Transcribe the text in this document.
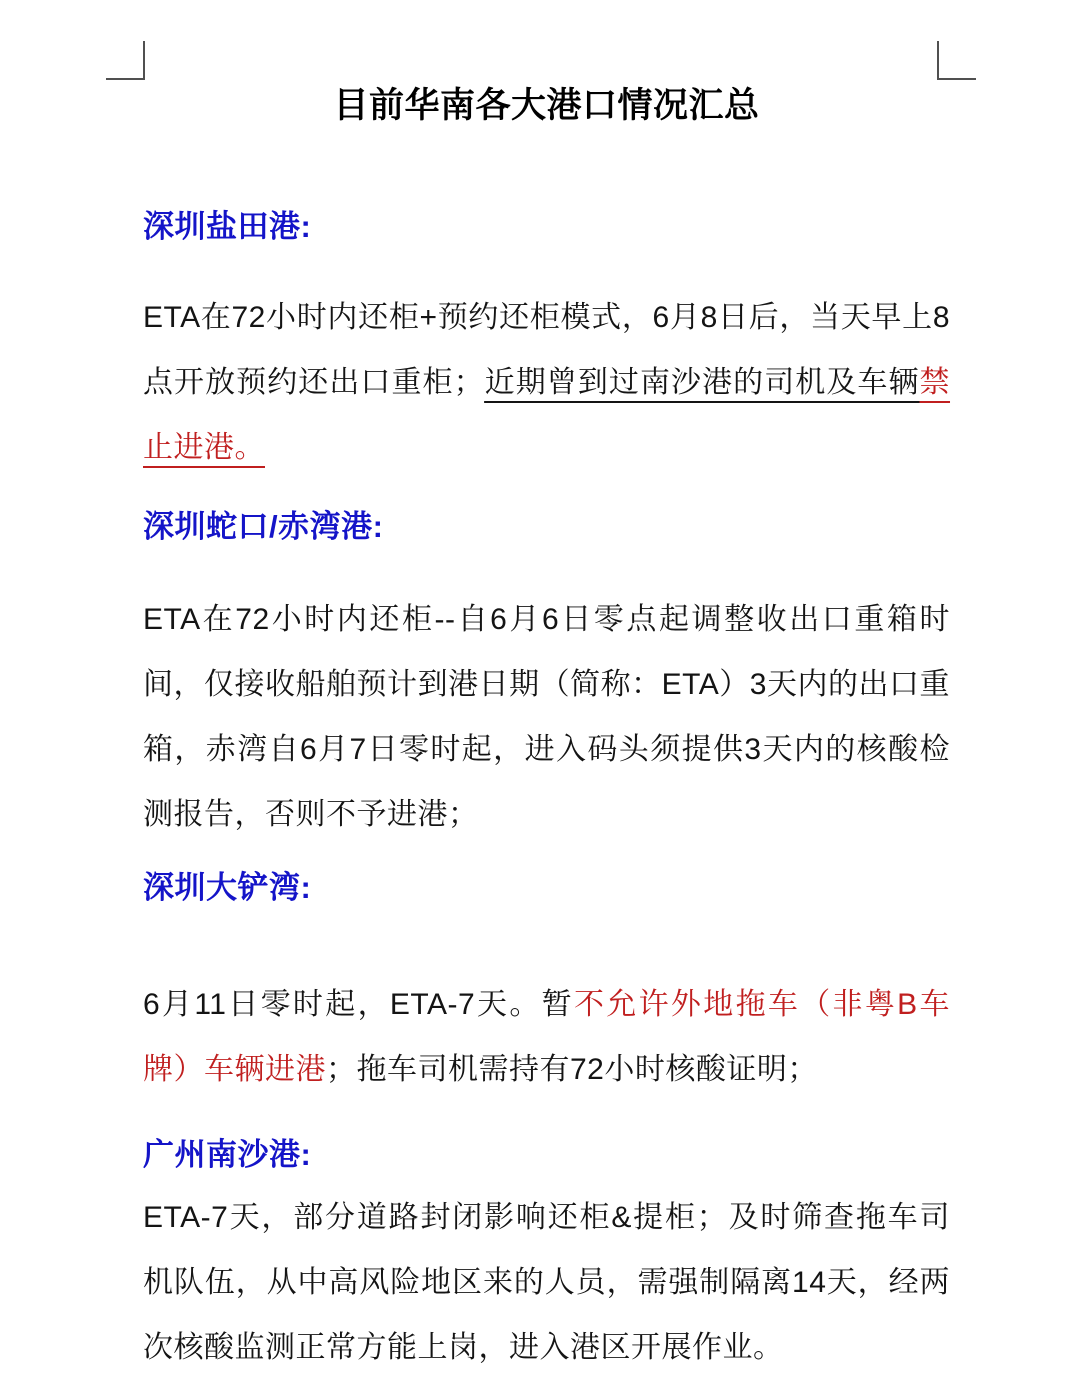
目前华南各大港口情况汇总
深圳盐田港:

ETA在72小时内还柜+预约还柜模式，6月8日后，当天早上8点开放预约还出口重柜；近期曾到过南沙港的司机及车辆禁止进港。

深圳蛇口/赤湾港:

ETA在72小时内还柜--自6月6日零点起调整收出口重箱时间，仅接收船舶预计到港日期（简称：ETA）3天内的出口重箱，赤湾自6月7日零时起，进入码头须提供3天内的核酸检测报告，否则不予进港；

深圳大铲湾:

6月11日零时起，ETA-7天。暂不允许外地拖车（非粤B车牌）车辆进港；拖车司机需持有72小时核酸证明；

广州南沙港:

ETA-7天，部分道路封闭影响还柜&提柜；及时筛查拖车司机队伍，从中高风险地区来的人员，需强制隔离14天，经两次核酸监测正常方能上岗，进入港区开展作业。
